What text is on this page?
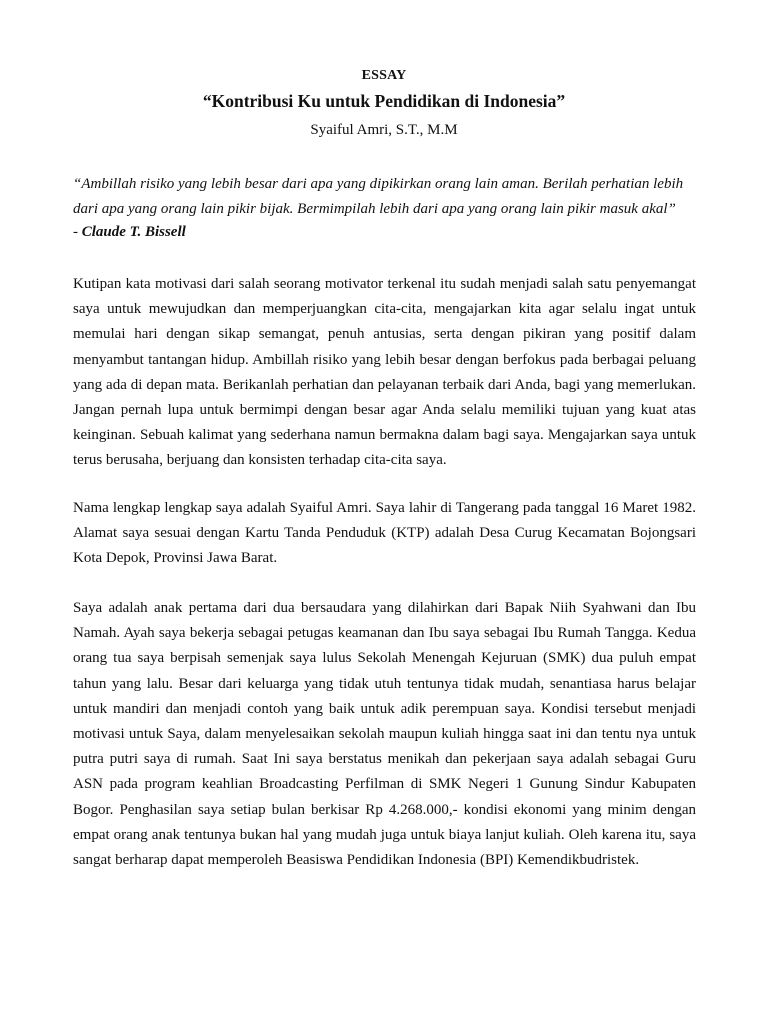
ESSAY
“Kontribusi Ku untuk Pendidikan di Indonesia”
Syaiful Amri, S.T., M.M
“Ambillah risiko yang lebih besar dari apa yang dipikirkan orang lain aman. Berilah perhatian lebih dari apa yang orang lain pikir bijak. Bermimpilah lebih dari apa yang orang lain pikir masuk akal”
- Claude T. Bissell

Kutipan kata motivasi dari salah seorang motivator terkenal itu sudah menjadi salah satu penyemangat saya untuk mewujudkan dan memperjuangkan cita-cita, mengajarkan kita agar selalu ingat untuk memulai hari dengan sikap semangat, penuh antusias, serta dengan pikiran yang positif dalam menyambut tantangan hidup. Ambillah risiko yang lebih besar dengan berfokus pada berbagai peluang yang ada di depan mata. Berikanlah perhatian dan pelayanan terbaik dari Anda, bagi yang memerlukan. Jangan pernah lupa untuk bermimpi dengan besar agar Anda selalu memiliki tujuan yang kuat atas keinginan. Sebuah kalimat yang sederhana namun bermakna dalam bagi saya. Mengajarkan saya untuk terus berusaha, berjuang dan konsisten terhadap cita-cita saya.

Nama lengkap lengkap saya adalah Syaiful Amri. Saya lahir di Tangerang pada tanggal 16 Maret 1982. Alamat saya sesuai dengan Kartu Tanda Penduduk (KTP) adalah Desa Curug Kecamatan Bojongsari Kota Depok, Provinsi Jawa Barat.

Saya adalah anak pertama dari dua bersaudara yang dilahirkan dari Bapak Niih Syahwani dan Ibu Namah. Ayah saya bekerja sebagai petugas keamanan dan Ibu saya sebagai Ibu Rumah Tangga. Kedua orang tua saya berpisah semenjak saya lulus Sekolah Menengah Kejuruan (SMK) dua puluh empat tahun yang lalu. Besar dari keluarga yang tidak utuh tentunya tidak mudah, senantiasa harus belajar untuk mandiri dan menjadi contoh yang baik untuk adik perempuan saya. Kondisi tersebut menjadi motivasi untuk Saya, dalam menyelesaikan sekolah maupun kuliah hingga saat ini dan tentu nya untuk putra putri saya di rumah. Saat Ini saya berstatus menikah dan pekerjaan saya adalah sebagai Guru ASN pada program keahlian Broadcasting Perfilman di SMK Negeri 1 Gunung Sindur Kabupaten Bogor. Penghasilan saya setiap bulan berkisar Rp 4.268.000,- kondisi ekonomi yang minim dengan empat orang anak tentunya bukan hal yang mudah juga untuk biaya lanjut kuliah. Oleh karena itu, saya sangat berharap dapat memperoleh Beasiswa Pendidikan Indonesia (BPI) Kemendikbudristek.
